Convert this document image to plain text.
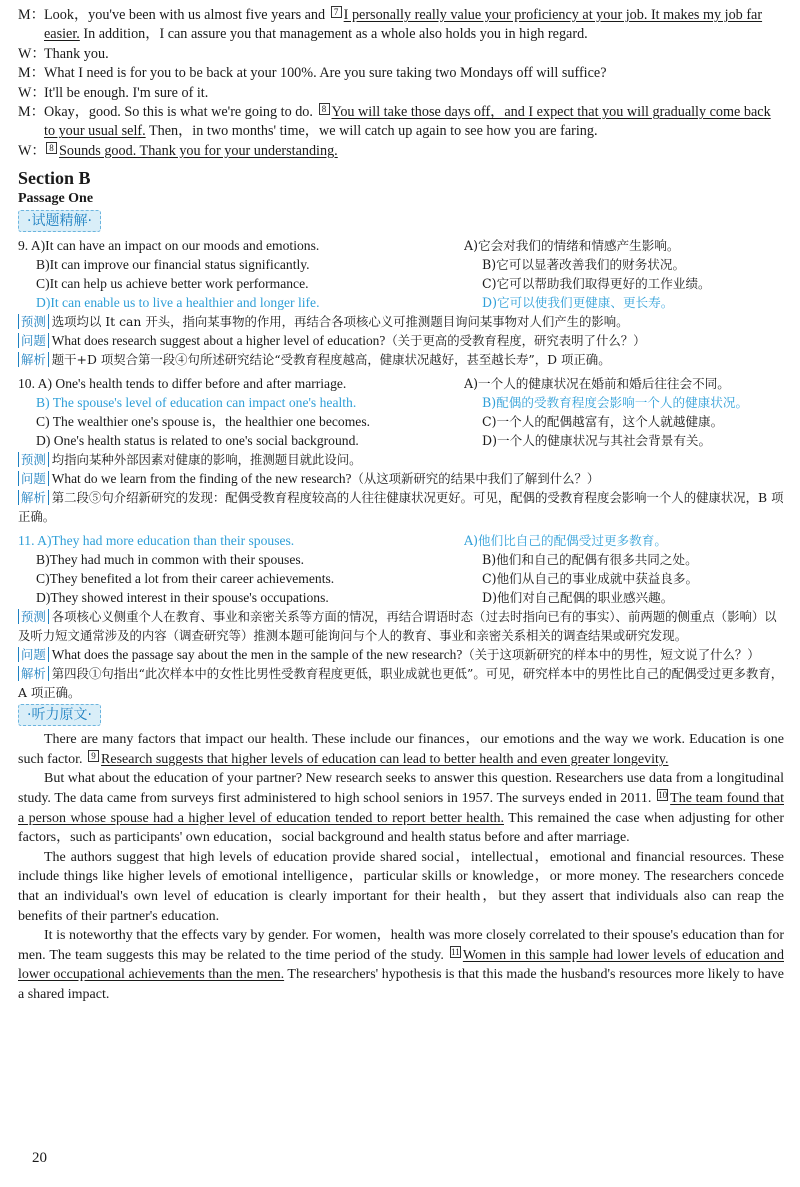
M：Look，you've been with us almost five years and 7 I personally really value your proficiency at your job. It makes my job far easier. In addition，I can assure you that management as a whole also holds you in high regard.

W：Thank you.

M：What I need is for you to be back at your 100%. Are you sure taking two Mondays off will suffice?

W：It'll be enough. I'm sure of it.

M：Okay，good. So this is what we're going to do. 8 You will take those days off，and I expect that you will gradually come back to your usual self. Then，in two months' time，we will catch up again to see how you are faring.

W： 8 Sounds good. Thank you for your understanding.

Section B
Passage One
·试题精解·
9. A)It can have an impact on our moods and emotions.	A)它会对我们的情绪和情感产生影响。
B)It can improve our financial status significantly.	B)它可以显著改善我们的财务状况。
C)It can help us achieve better work performance.	C)它可以帮助我们取得更好的工作业绩。
D)It can enable us to live a healthier and longer life.	D)它可以使我们更健康、更长寿。

预测 选项均以 It can 开头，指向某事物的作用，再结合各项核心义可推测题目询问某事物对人们产生的影响。

问题 What does research suggest about a higher level of education?（关于更高的受教育程度，研究表明了什么？）

解析 题干+D 项契合第一段④句所述研究结论“受教育程度越高，健康状况越好，甚至越长寿”，D 项正确。

10. A) One's health tends to differ before and after marriage.	A)一个人的健康状况在婚前和婚后往往会不同。
B) The spouse's level of education can impact one's health.	B)配偶的受教育程度会影响一个人的健康状况。
C) The wealthier one's spouse is，the healthier one becomes.	C)一个人的配偶越富有，这个人就越健康。
D) One's health status is related to one's social background.	D)一个人的健康状况与其社会背景有关。

预测 均指向某种外部因素对健康的影响，推测题目就此设问。

问题 What do we learn from the finding of the new research?（从这项新研究的结果中我们了解到什么？）

解析 第二段⑤句介绍新研究的发现：配偶受教育程度较高的人往往健康状况更好。可见，配偶的受教育程度会影响一个人的健康状况，B 项正确。

11. A)They had more education than their spouses.	A)他们比自己的配偶受过更多教育。
B)They had much in common with their spouses.	B)他们和自己的配偶有很多共同之处。
C)They benefited a lot from their career achievements.	C)他们从自己的事业成就中获益良多。
D)They showed interest in their spouse's occupations.	D)他们对自己配偶的职业感兴趣。

预测 各项核心义侧重个人在教育、事业和亲密关系等方面的情况，再结合谓语时态（过去时指向已有的事实）、前两题的侧重点（影响）以及听力短文通常涉及的内容（调查研究等）推测本题可能询问与个人的教育、事业和亲密关系相关的调查结果或研究发现。

问题 What does the passage say about the men in the sample of the new research?（关于这项新研究的样本中的男性，短文说了什么？）

解析 第四段①句指出“此次样本中的女性比男性受教育程度更低，职业成就也更低”。可见，研究样本中的男性比自己的配偶受过更多教育，A 项正确。

·听力原文·

There are many factors that impact our health. These include our finances，our emotions and the way we work. Education is one such factor. 9 Research suggests that higher levels of education can lead to better health and even greater longevity.

But what about the education of your partner? New research seeks to answer this question. Researchers use data from a longitudinal study. The data came from surveys first administered to high school seniors in 1957. The surveys ended in 2011. 10 The team found that a person whose spouse had a higher level of education tended to report better health. This remained the case when adjusting for other factors，such as participants' own education，social background and health status before and after marriage.

The authors suggest that high levels of education provide shared social，intellectual，emotional and financial resources. These include things like higher levels of emotional intelligence，particular skills or knowledge，or more money. The researchers concede that an individual's own level of education is clearly important for their health，but they assert that individuals also can reap the benefits of their partner's education.

It is noteworthy that the effects vary by gender. For women，health was more closely correlated to their spouse's education than for men. The team suggests this may be related to the time period of the study. 11 Women in this sample had lower levels of education and lower occupational achievements than the men. The researchers' hypothesis is that this made the husband's resources more likely to have a shared impact.

20
